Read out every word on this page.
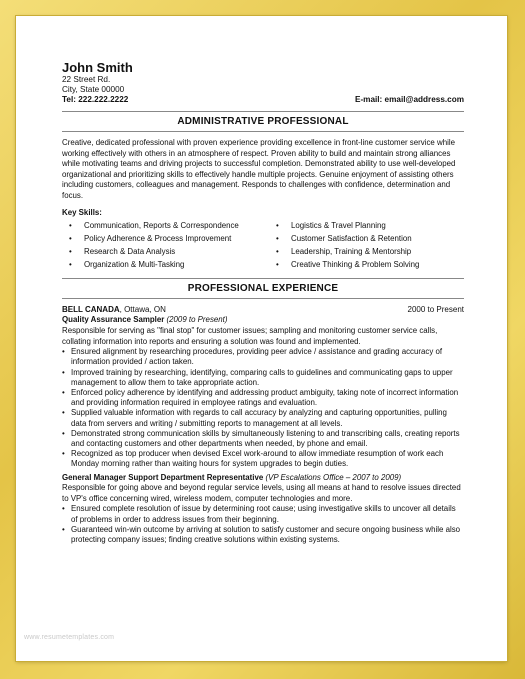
John Smith
22 Street Rd.
City, State 00000
Tel: 222.222.2222	E-mail: email@address.com
ADMINISTRATIVE PROFESSIONAL

Creative, dedicated professional with proven experience providing excellence in front-line customer service while working effectively with others in an atmosphere of respect. Proven ability to build and maintain strong alliances while motivating teams and driving projects to successful completion. Demonstrated ability to use well-developed organizational and prioritizing skills to effectively handle multiple projects. Genuine enjoyment of assisting others including customers, colleagues and management. Responds to challenges with confidence, determination and focus.

Key Skills:
• Communication, Reports & Correspondence	• Logistics & Travel Planning
• Policy Adherence & Process Improvement	• Customer Satisfaction & Retention
• Research & Data Analysis	• Leadership, Training & Mentorship
• Organization & Multi-Tasking	• Creative Thinking & Problem Solving
PROFESSIONAL EXPERIENCE
BELL CANADA, Ottawa, ON	2000 to Present
Quality Assurance Sampler (2009 to Present)

Responsible for serving as "final stop" for customer issues; sampling and monitoring customer service calls, collating information into reports and ensuring a solution was found and implemented.

• Ensured alignment by researching procedures, providing peer advice / assistance and grading accuracy of information provided / action taken.
• Improved training by researching, identifying, comparing calls to guidelines and communicating gaps to upper management to allow them to take appropriate action.
• Enforced policy adherence by identifying and addressing product ambiguity, taking note of incorrect information and providing information required in employee ratings and evaluation.
• Supplied valuable information with regards to call accuracy by analyzing and capturing opportunities, pulling data from servers and writing / submitting reports to management at all levels.
• Demonstrated strong communication skills by simultaneously listening to and transcribing calls, creating reports and contacting customers and other departments when needed, by phone and email.
• Recognized as top producer when devised Excel work-around to allow immediate resumption of work each Monday morning rather than waiting hours for system upgrades to begin duties.
General Manager Support Department Representative (VP Escalations Office – 2007 to 2009)

Responsible for going above and beyond regular service levels, using all means at hand to resolve issues directed to VP's office concerning wired, wireless modem, computer technologies and more.

• Ensured complete resolution of issue by determining root cause; using investigative skills to uncover all details of problems in order to address issues from their beginning.
• Guaranteed win-win outcome by arriving at solution to satisfy customer and secure ongoing business while also protecting company issues; finding creative solutions within existing systems.
www.resumetemplates.com
